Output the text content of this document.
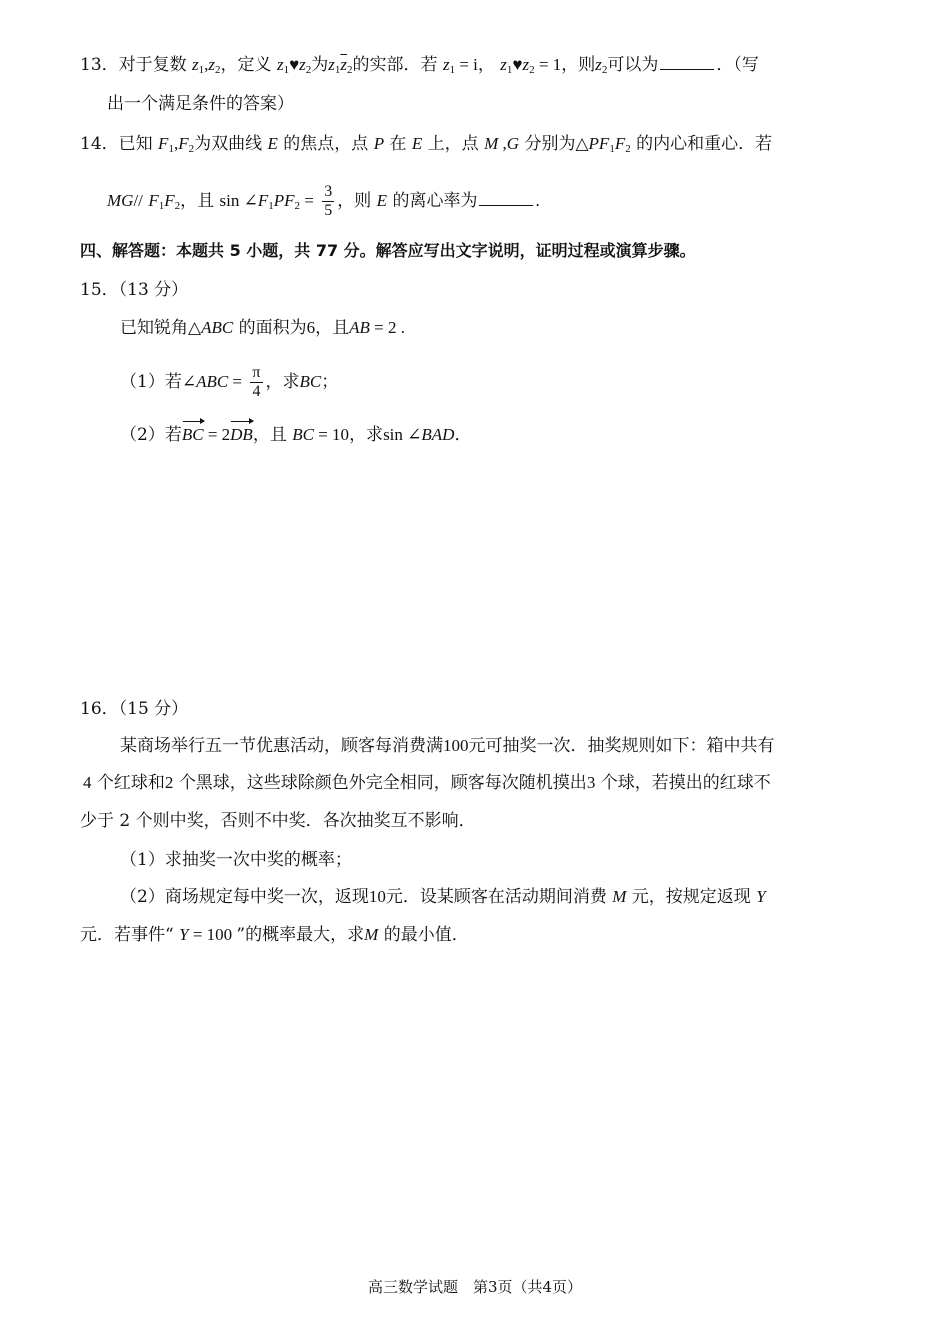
13．对于复数 $z_1,z_2$，定义 $z_1♥z_2$为$z_1\overline{z}_2$的实部．若 $z_1 = i$， $z_1♥z_2 = 1$，则$z_2$可以为	．（写
出一个满足条件的答案）
14．已知 $F_1,F_2$为双曲线 E 的焦点，点 P 在 E 上，点 M ,G 分别为$\triangle PF_1F_2$ 的内心和重心．若
MG// $F_1F_2$，且 $\sin \angle F_1PF_2 = \frac{3}{5}$ ，则 E 的离心率为	.
四、解答题：本题共 5 小题，共 77 分。解答应写出文字说明，证明过程或演算步骤。
15．（13 分）
已知锐角△ABC 的面积为6，且AB = 2 .
（1）若∠ABC = $\frac{\pi}{4}$ ，求BC；
（2）若BC = 2DB，且 BC = 10，求sin ∠BAD．
16．（15 分）
某商场举行五一节优惠活动，顾客每消费满100元可抽奖一次．抽奖规则如下：箱中共有
4 个红球和2 个黑球，这些球除颜色外完全相同，顾客每次随机摸出3 个球，若摸出的红球不
少于 2 个则中奖，否则不中奖．各次抽奖互不影响．
（1）求抽奖一次中奖的概率；
（2）商场规定每中奖一次，返现10元．设某顾客在活动期间消费 M 元，按规定返现 Y
元．若事件“ Y = 100 ”的概率最大，求M 的最小值．
高三数学试题　第3页（共4页）
